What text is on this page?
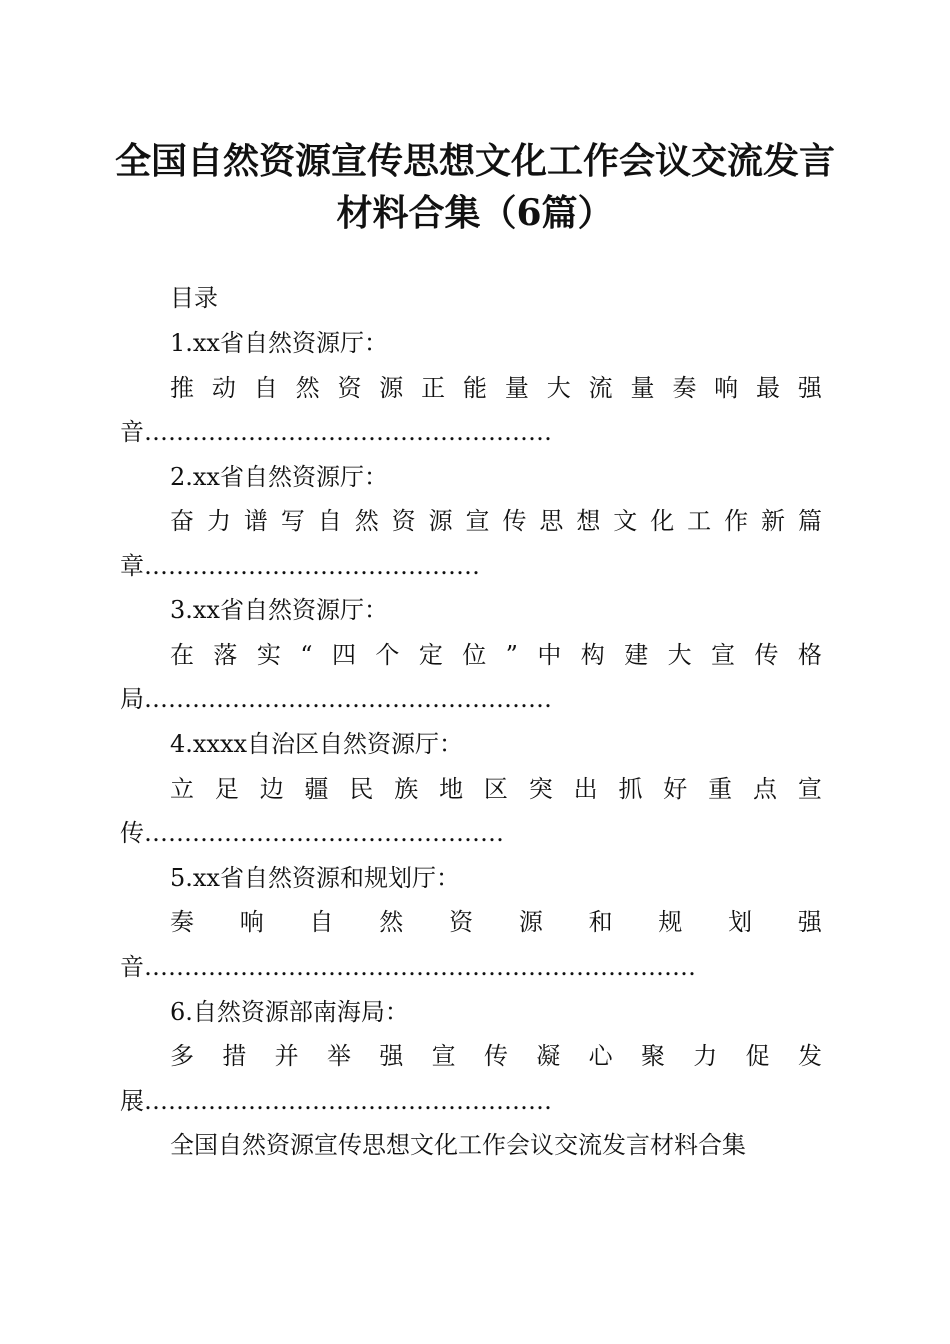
全国自然资源宣传思想文化工作会议交流发言
材料合集（6篇）
目录
1.xx省自然资源厅：
推 动 自 然 资 源 正 能 量 大 流 量 奏 响 最 强
音……………………………………………
2.xx省自然资源厅：
奋 力 谱 写 自 然 资 源 宣 传 思 想 文 化 工 作 新 篇
章……………………………………
3.xx省自然资源厅：
在 落 实 “ 四 个 定 位 ” 中 构 建 大 宣 传 格
局……………………………………………
4.xxxx自治区自然资源厅：
立 足 边 疆 民 族 地 区 突 出 抓 好 重 点 宣
传………………………………………
5.xx省自然资源和规划厅：
奏 响 自 然 资 源 和 规 划 强
音……………………………………………………………
6.自然资源部南海局：
多 措 并 举 强 宣 传 凝 心 聚 力 促 发
展……………………………………………
全国自然资源宣传思想文化工作会议交流发言材料合集
